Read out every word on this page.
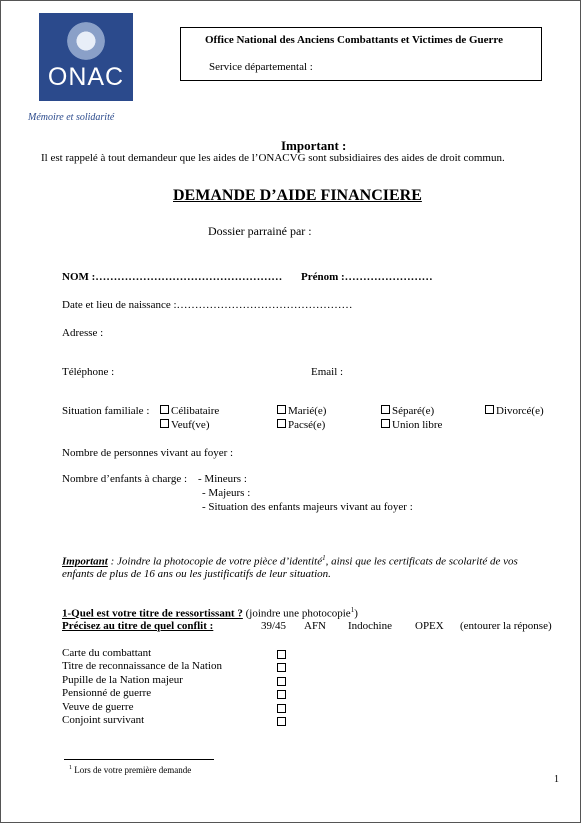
ONAC
Mémoire et solidarité
Office National des Anciens Combattants et Victimes de Guerre
Service départemental :
Important :
Il est rappelé à tout demandeur que les aides de l’ONACVG sont subsidiaires des aides de droit commun.
DEMANDE D’AIDE FINANCIERE
Dossier parrainé par :
NOM :…………………………………………… Prénom :……………………
Date et lieu de naissance :…………………………………………
Adresse :
Téléphone :	Email :
Situation familiale :	Célibataire	Marié(e)	Séparé(e)	Divorcé(e)
Veuf(ve)	Pacsé(e)	Union libre
Nombre de personnes vivant au foyer :
Nombre d’enfants à charge : - Mineurs :
- Majeurs :
- Situation des enfants majeurs vivant au foyer :
Important : Joindre la photocopie de votre pièce d’identité$^1$, ainsi que les certificats de scolarité de vos
enfants de plus de 16 ans ou les justificatifs de leur situation.
1-Quel est votre titre de ressortissant ? (joindre une photocopie$^1$)
Précisez au titre de quel conflit :	39/45 AFN Indochine OPEX (entourer la réponse)
Carte du combattant
Titre de reconnaissance de la Nation
Pupille de la Nation majeur
Pensionné de guerre
Veuve de guerre
Conjoint survivant
$^1$ Lors de votre première demande
1
